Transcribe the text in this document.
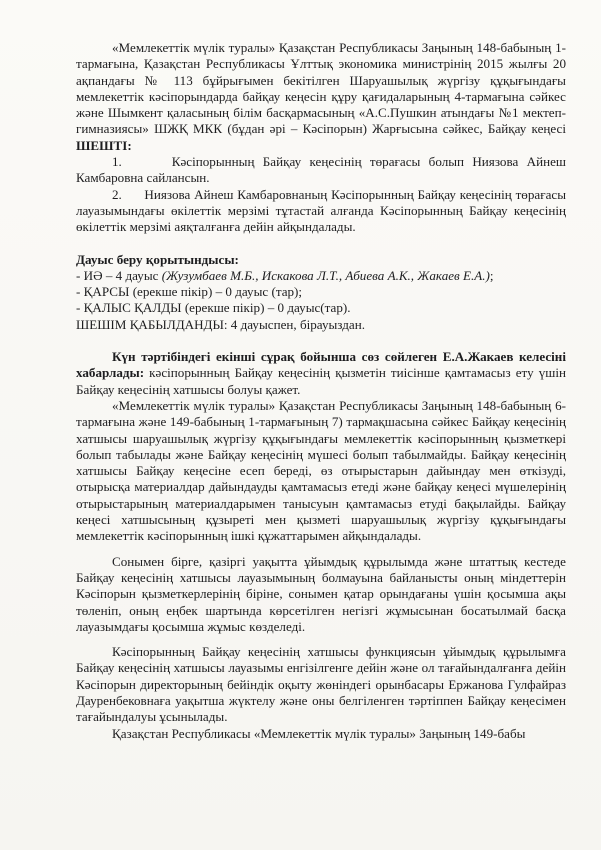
«Мемлекеттік мүлік туралы» Қазақстан Республикасы Заңының 148-бабының 1-тармағына, Қазақстан Республикасы Ұлттық экономика министрінің 2015 жылғы 20 ақпандағы № 113 бұйрығымен бекітілген Шаруашылық жүргізу құқығындағы мемлекеттік кәсіпорындарда байқау кеңесін құру қағидаларының 4-тармағына сәйкес және Шымкент қаласының білім басқармасының «А.С.Пушкин атындағы №1 мектеп-гимназиясы» ШЖҚ МКК (бұдан әрі – Кәсіпорын) Жарғысына сәйкес, Байқау кеңесі ШЕШТІ:

1.      Кәсіпорынның Байқау кеңесінің төрағасы болып Ниязова Айнеш Камбаровна сайлансын.

2.      Ниязова Айнеш Камбаровнаның Кәсіпорынның Байқау кеңесінің төрағасы лауазымындағы өкілеттік мерзімі тұтастай алғанда Кәсіпорынның Байқау кеңесінің өкілеттік мерзімі аяқталғанға дейін айқындалады.

Дауыс беру қорытындысы:

- ИӘ – 4 дауыс (Жузумбаев М.Б., Искакова Л.Т., Абиева А.К., Жакаев Е.А.);

- ҚАРСЫ (ерекше пікір) – 0 дауыс (тар);

- ҚАЛЫС ҚАЛДЫ (ерекше пікір) – 0 дауыс(тар).

ШЕШІМ ҚАБЫЛДАНДЫ: 4 дауыспен, бірауыздан.

Күн тәртібіндегі екінші сұрақ бойынша сөз сөйлеген Е.А.Жакаев келесіні хабарлады: кәсіпорынның Байқау кеңесінің қызметін тиісінше қамтамасыз ету үшін Байқау кеңесінің хатшысы болуы қажет.

«Мемлекеттік мүлік туралы» Қазақстан Республикасы Заңының 148-бабының 6-тармағына және 149-бабының 1-тармағының 7) тармақшасына сәйкес Байқау кеңесінің хатшысы шаруашылық жүргізу құқығындағы мемлекеттік кәсіпорынның қызметкері болып табылады және Байқау кеңесінің мүшесі болып табылмайды. Байқау кеңесінің хатшысы Байқау кеңесіне есеп береді, өз отырыстарын дайындау мен өткізуді, отырысқа материалдар дайындауды қамтамасыз етеді және байқау кеңесі мүшелерінің отырыстарының материалдарымен танысуын қамтамасыз етуді бақылайды. Байқау кеңесі хатшысының құзыреті мен қызметі шаруашылық жүргізу құқығындағы мемлекеттік кәсіпорынның ішкі құжаттарымен айқындалады.

Сонымен бірге, қазіргі уақытта ұйымдық құрылымда және штаттық кестеде Байқау кеңесінің хатшысы лауазымының болмауына байланысты оның міндеттерін Кәсіпорын қызметкерлерінің біріне, сонымен қатар орындағаны үшін қосымша ақы төленіп, оның еңбек шартында көрсетілген негізгі жұмысынан босатылмай басқа лауазымдағы қосымша жұмыс көзделеді.

Кәсіпорынның Байқау кеңесінің хатшысы функциясын ұйымдық құрылымға Байқау кеңесінің хатшысы лауазымы енгізілгенге дейін және ол тағайындалғанға дейін Кәсіпорын директорының бейіндік оқыту жөніндегі орынбасары Ержанова Гулфайраз Дауренбековнаға уақытша жүктелу және оны белгіленген тәртіппен Байқау кеңесімен тағайындалуы ұсынылады.

Қазақстан Республикасы «Мемлекеттік мүлік туралы» Заңының 149-бабы
